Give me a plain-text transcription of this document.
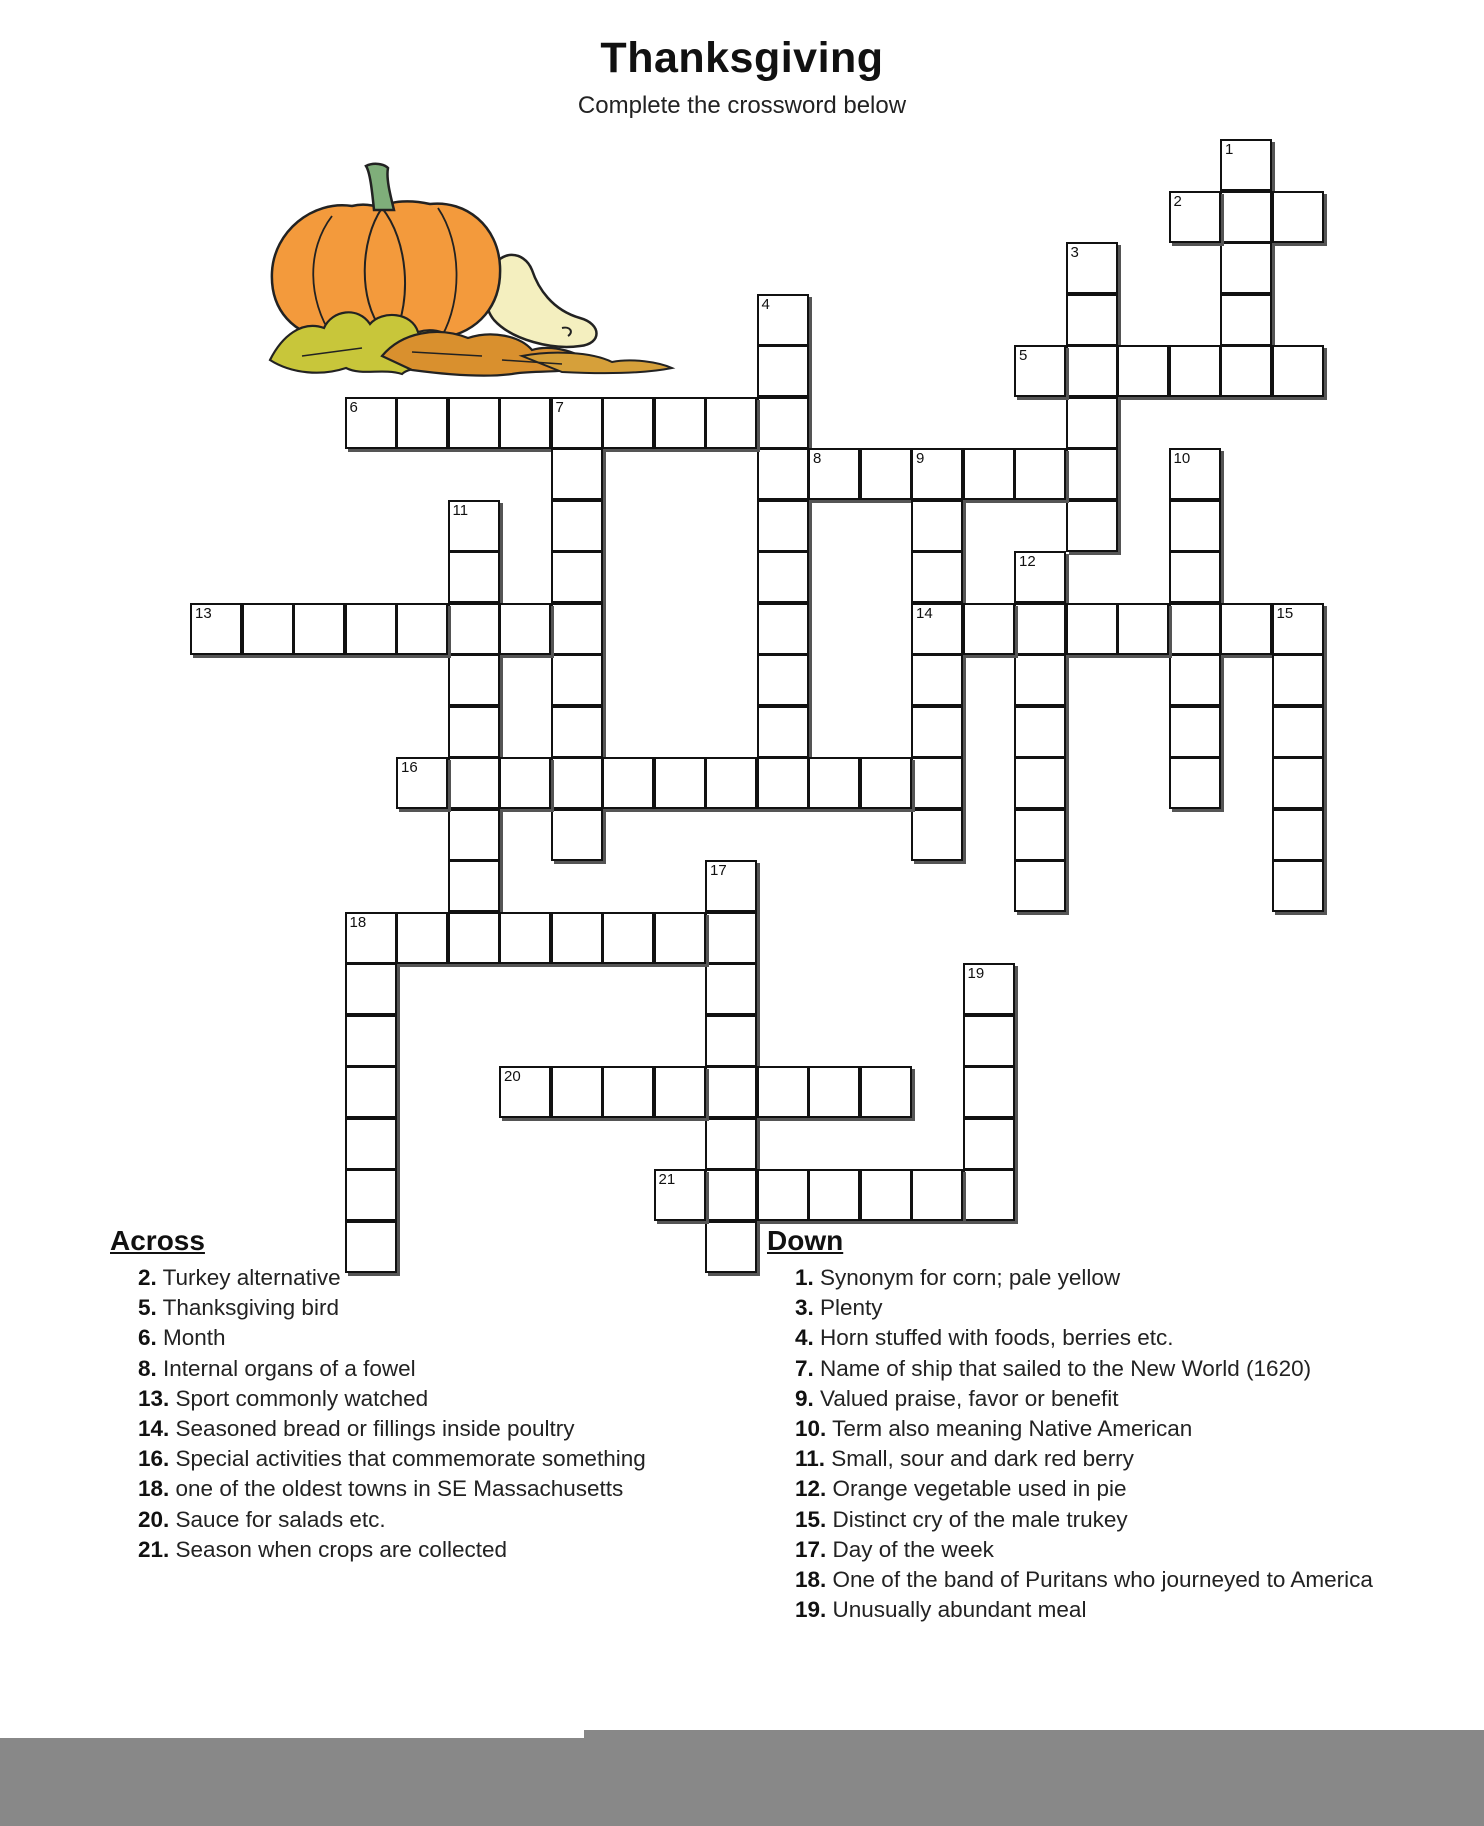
Thanksgiving
Complete the crossword below
1
2
3
4
5
6	7
8	9
14
10
11
12
13	15
16
17
18
19
20
21
Across
2. Turkey alternative
5. Thanksgiving bird
6. Month
8. Internal organs of a fowel
13. Sport commonly watched
14. Seasoned bread or fillings inside poultry
16. Special activities that commemorate something
18. one of the oldest towns in SE Massachusetts
20. Sauce for salads etc.
21. Season when crops are collected
Down
1. Synonym for corn; pale yellow
3. Plenty
4. Horn stuffed with foods, berries etc.
7. Name of ship that sailed to the New World (1620)
9. Valued praise, favor or benefit
10. Term also meaning Native American
11. Small, sour and dark red berry
12. Orange vegetable used in pie
15. Distinct cry of the male trukey
17. Day of the week
18. One of the band of Puritans who journeyed to America
19. Unusually abundant meal
